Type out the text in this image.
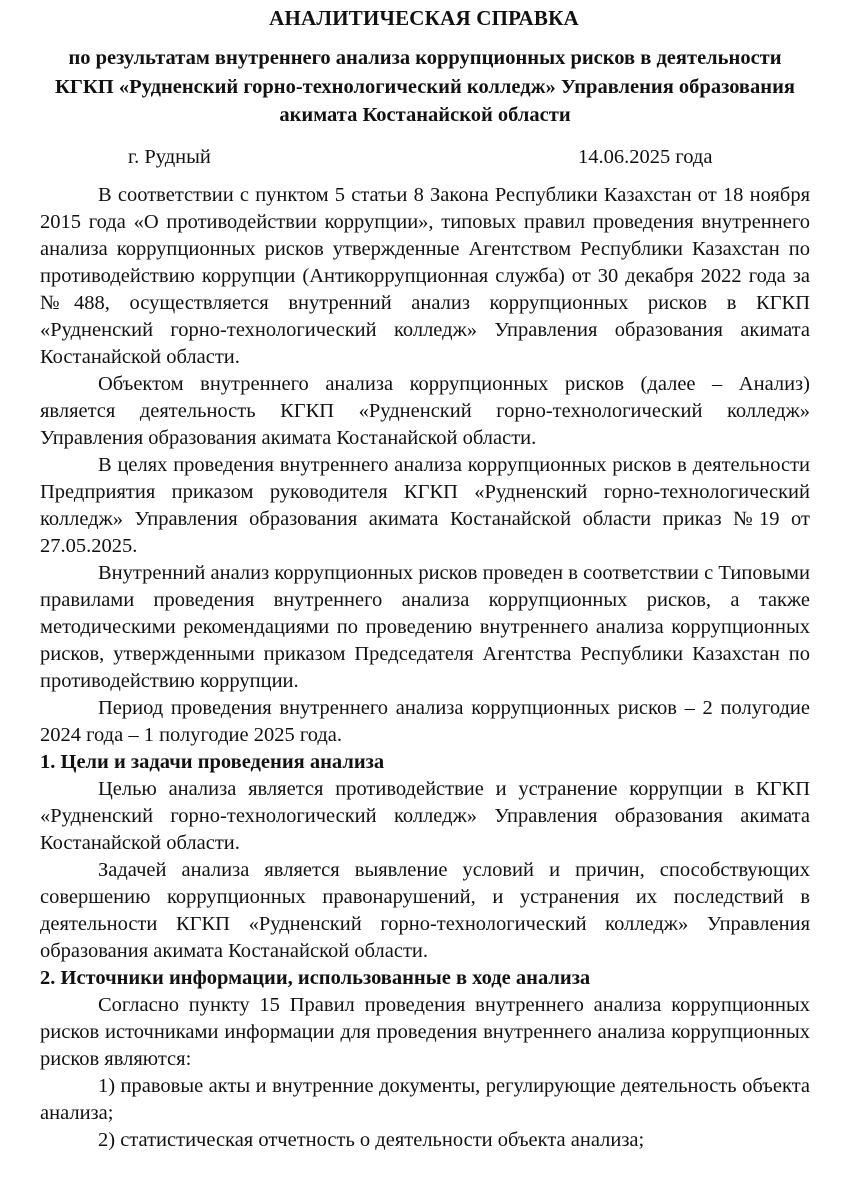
АНАЛИТИЧЕСКАЯ СПРАВКА
по результатам внутреннего анализа коррупционных рисков в деятельности КГКП «Рудненский горно-технологический колледж» Управления образования акимата Костанайской области
г. Рудный	14.06.2025 года

В соответствии с пунктом 5 статьи 8 Закона Республики Казахстан от 18 ноября 2015 года «О противодействии коррупции», типовых правил проведения внутреннего анализа коррупционных рисков утвержденные Агентством Республики Казахстан по противодействию коррупции (Антикоррупционная служба) от 30 декабря 2022 года за №488, осуществляется внутренний анализ коррупционных рисков в КГКП «Рудненский горно-технологический колледж» Управления образования акимата Костанайской области.

Объектом внутреннего анализа коррупционных рисков (далее – Анализ) является деятельность КГКП «Рудненский горно-технологический колледж» Управления образования акимата Костанайской области.

В целях проведения внутреннего анализа коррупционных рисков в деятельности Предприятия приказом руководителя КГКП «Рудненский горно-технологический колледж» Управления образования акимата Костанайской области приказ №19 от 27.05.2025.

Внутренний анализ коррупционных рисков проведен в соответствии с Типовыми правилами проведения внутреннего анализа коррупционных рисков, а также методическими рекомендациями по проведению внутреннего анализа коррупционных рисков, утвержденными приказом Председателя Агентства Республики Казахстан по противодействию коррупции.

Период проведения внутреннего анализа коррупционных рисков – 2 полугодие 2024 года – 1 полугодие 2025 года.

1. Цели и задачи проведения анализа

Целью анализа является противодействие и устранение коррупции в КГКП «Рудненский горно-технологический колледж» Управления образования акимата Костанайской области.

Задачей анализа является выявление условий и причин, способствующих совершению коррупционных правонарушений, и устранения их последствий в деятельности КГКП «Рудненский горно-технологический колледж» Управления образования акимата Костанайской области.

2. Источники информации, использованные в ходе анализа

Согласно пункту 15 Правил проведения внутреннего анализа коррупционных рисков источниками информации для проведения внутреннего анализа коррупционных рисков являются:

1) правовые акты и внутренние документы, регулирующие деятельность объекта анализа;

2) статистическая отчетность о деятельности объекта анализа;
